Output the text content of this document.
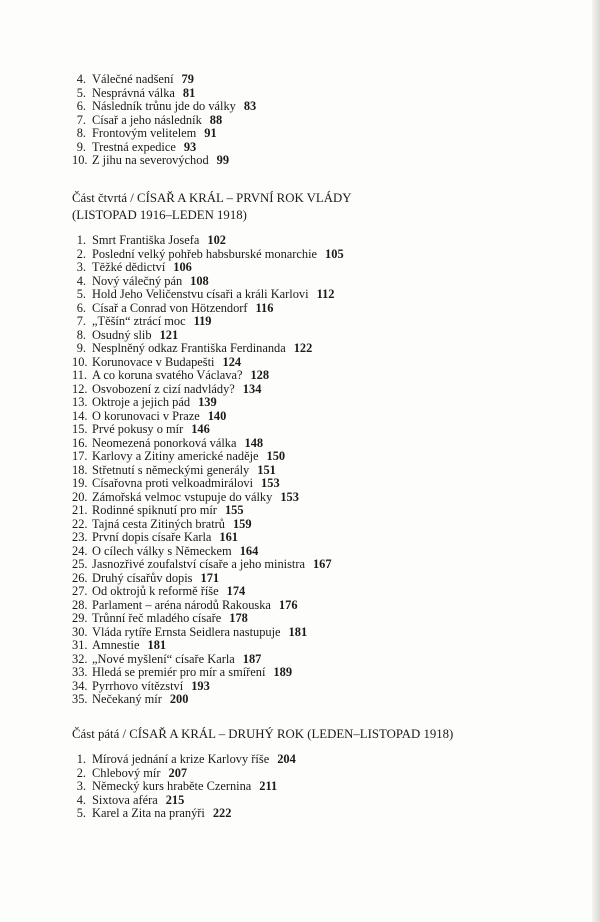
4. Válečné nadšení 79
5. Nesprávná válka 81
6. Následník trůnu jde do války 83
7. Císař a jeho následník 88
8. Frontovým velitelem 91
9. Trestná expedice 93
10. Z jihu na severovýchod 99
Část čtvrtá / CÍSAŘ A KRÁL – PRVNÍ ROK VLÁDY
(LISTOPAD 1916–LEDEN 1918)
1. Smrt Františka Josefa 102
2. Poslední velký pohřeb habsburské monarchie 105
3. Těžké dědictví 106
4. Nový válečný pán 108
5. Hold Jeho Veličenstvu císaři a králi Karlovi 112
6. Císař a Conrad von Hötzendorf 116
7. „Těšín“ ztrácí moc 119
8. Osudný slib 121
9. Nesplněný odkaz Františka Ferdinanda 122
10. Korunovace v Budapešti 124
11. A co koruna svatého Václava? 128
12. Osvobození z cizí nadvlády? 134
13. Oktroje a jejich pád 139
14. O korunovaci v Praze 140
15. Prvé pokusy o mír 146
16. Neomezená ponorková válka 148
17. Karlovy a Zitiny americké naděje 150
18. Střetnutí s německými generály 151
19. Císařovna proti velkoadmirálovi 153
20. Zámořská velmoc vstupuje do války 153
21. Rodinné spiknutí pro mír 155
22. Tajná cesta Zitiných bratrů 159
23. První dopis císaře Karla 161
24. O cílech války s Německem 164
25. Jasnozřivé zoufalství císaře a jeho ministra 167
26. Druhý císařův dopis 171
27. Od oktrojů k reformě říše 174
28. Parlament – aréna národů Rakouska 176
29. Trůnní řeč mladého císaře 178
30. Vláda rytíře Ernsta Seidlera nastupuje 181
31. Amnestie 181
32. „Nové myšlení“ císaře Karla 187
33. Hledá se premiér pro mír a smíření 189
34. Pyrrhovo vítězství 193
35. Nečekaný mír 200
Část pátá / CÍSAŘ A KRÁL – DRUHÝ ROK (LEDEN–LISTOPAD 1918)
1. Mírová jednání a krize Karlovy říše 204
2. Chlebový mír 207
3. Německý kurs hraběte Czernina 211
4. Sixtova aféra 215
5. Karel a Zita na pranýři 222
